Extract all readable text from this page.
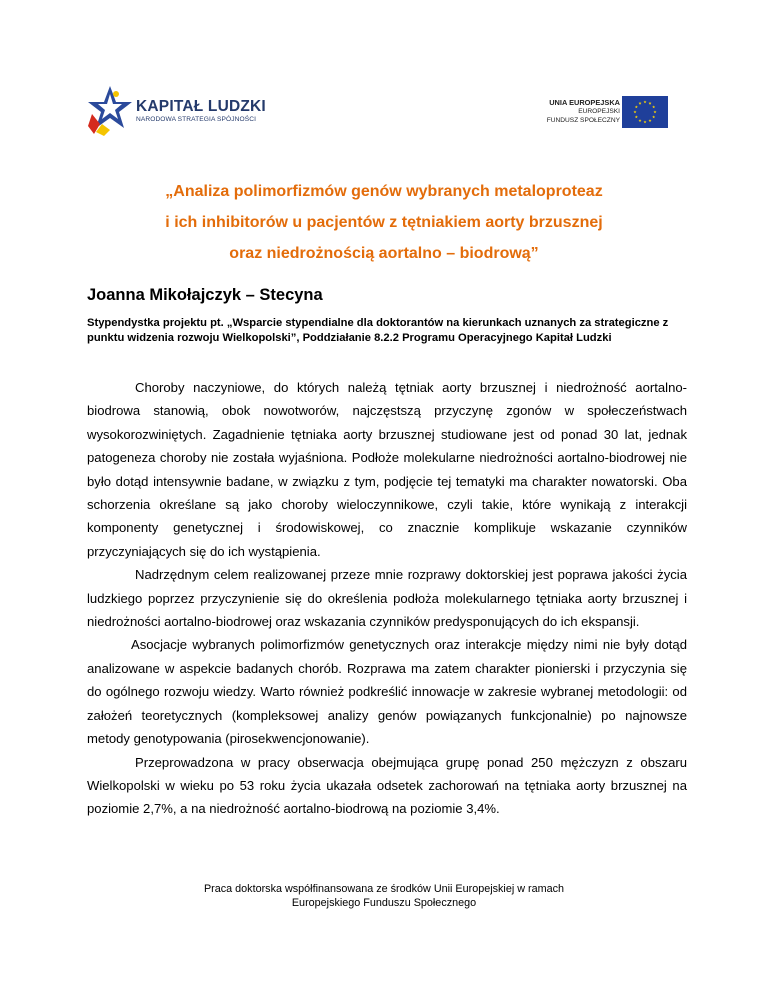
KAPITAŁ LUDZKI
NARODOWA STRATEGIA SPÓJNOŚCI
UNIA EUROPEJSKA
EUROPEJSKI
FUNDUSZ SPOŁECZNY
„Analiza polimorfizmów genów wybranych metaloproteaz
i ich inhibitorów u pacjentów z tętniakiem aorty brzusznej
oraz niedrożnością aortalno – biodrową”
Joanna Mikołajczyk – Stecyna
Stypendystka projektu pt. „Wsparcie stypendialne dla doktorantów na kierunkach uznanych za strategiczne z punktu widzenia rozwoju Wielkopolski”, Poddziałanie 8.2.2 Programu Operacyjnego Kapitał Ludzki

Choroby naczyniowe, do których należą tętniak aorty brzusznej i niedrożność aortalno-biodrowa stanowią, obok nowotworów, najczęstszą przyczynę zgonów w społeczeństwach wysokorozwiniętych. Zagadnienie tętniaka aorty brzusznej studiowane jest od ponad 30 lat, jednak patogeneza choroby nie została wyjaśniona. Podłoże molekularne niedrożności aortalno-biodrowej nie było dotąd intensywnie badane, w związku z tym, podjęcie tej tematyki ma charakter nowatorski. Oba schorzenia określane są jako choroby wieloczynnikowe, czyli takie, które wynikają z interakcji komponenty genetycznej i środowiskowej, co znacznie komplikuje wskazanie czynników przyczyniających się do ich wystąpienia.

Nadrzędnym celem realizowanej przeze mnie rozprawy doktorskiej jest poprawa jakości życia ludzkiego poprzez przyczynienie się do określenia podłoża molekularnego tętniaka aorty brzusznej i niedrożności aortalno-biodrowej oraz wskazania czynników predysponujących do ich ekspansji.

Asocjacje wybranych polimorfizmów genetycznych oraz interakcje między nimi nie były dotąd analizowane w aspekcie badanych chorób. Rozprawa ma zatem charakter pionierski i przyczynia się do ogólnego rozwoju wiedzy. Warto również podkreślić innowacje w zakresie wybranej metodologii: od założeń teoretycznych (kompleksowej analizy genów powiązanych funkcjonalnie) po najnowsze metody genotypowania (pirosekwencjonowanie).

Przeprowadzona w pracy obserwacja obejmująca grupę ponad 250 mężczyzn z obszaru Wielkopolski w wieku po 53 roku życia ukazała odsetek zachorowań na tętniaka aorty brzusznej na poziomie 2,7%, a na niedrożność aortalno-biodrową na poziomie 3,4%.

Praca doktorska współfinansowana ze środków Unii Europejskiej w ramach
Europejskiego Funduszu Społecznego
